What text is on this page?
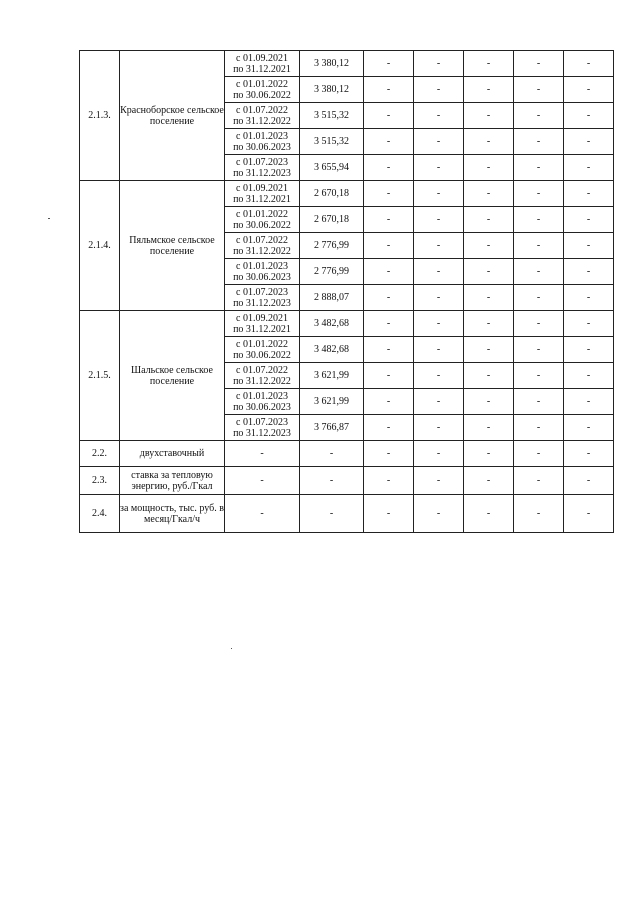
2.1.3.	Красноборское сельское поселение	с 01.09.2021
по 31.12.2021	3 380,12	-	-	-	-	-

		с 01.01.2022
по 30.06.2022	3 380,12	-	-	-	-	-

		с 01.07.2022
по 31.12.2022	3 515,32	-	-	-	-	-

		с 01.01.2023
по 30.06.2023	3 515,32	-	-	-	-	-

		с 01.07.2023
по 31.12.2023	3 655,94	-	-	-	-	-
2.1.4.	Пяльмское сельское поселение	с 01.09.2021
по 31.12.2021	2 670,18	-	-	-	-	-

		с 01.01.2022
по 30.06.2022	2 670,18	-	-	-	-	-

		с 01.07.2022
по 31.12.2022	2 776,99	-	-	-	-	-

		с 01.01.2023
по 30.06.2023	2 776,99	-	-	-	-	-

		с 01.07.2023
по 31.12.2023	2 888,07	-	-	-	-	-
2.1.5.	Шальское сельское поселение	с 01.09.2021
по 31.12.2021	3 482,68	-	-	-	-	-

		с 01.01.2022
по 30.06.2022	3 482,68	-	-	-	-	-

		с 01.07.2022
по 31.12.2022	3 621,99	-	-	-	-	-

		с 01.01.2023
по 30.06.2023	3 621,99	-	-	-	-	-

		с 01.07.2023
по 31.12.2023	3 766,87	-	-	-	-	-
2.2.	двухставочный	-	-	-	-	-	-	-
2.3.	ставка за тепловую энергию, руб./Гкал	-	-	-	-	-	-	-
2.4.	за мощность, тыс. руб. в месяц/Гкал/ч	-	-	-	-	-	-	-
